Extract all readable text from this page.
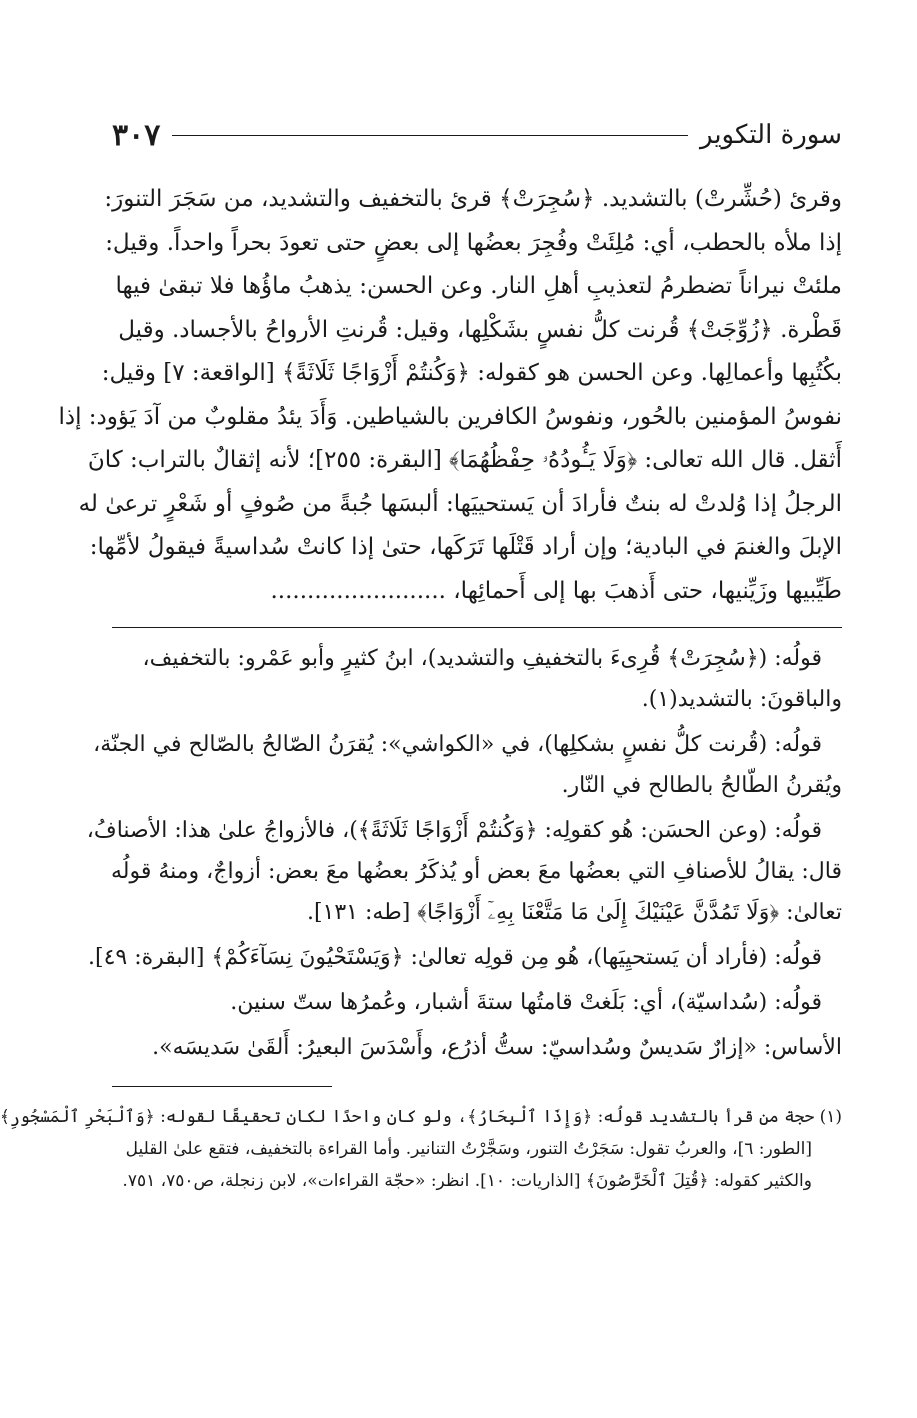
سورة التكوير
٣٠٧
وقرئ (حُشِّرتْ) بالتشديد. ﴿سُجِرَتْ﴾ قرئ بالتخفيف والتشديد، من سَجَرَ التنورَ:
إذا ملأه بالحطب، أي: مُلِئَتْ وفُجِرَ بعضُها إلى بعضٍ حتى تعودَ بحراً واحداً. وقيل:
ملئتْ نيراناً تضطرمُ لتعذيبِ أهلِ النار. وعن الحسن: يذهبُ ماؤُها فلا تبقىٰ فيها
قَطْرة. ﴿زُوِّجَتْ﴾ قُرنت كلُّ نفسٍ بشَكْلِها، وقيل: قُرنتِ الأرواحُ بالأجساد. وقيل
بكُتُبِها وأعمالِها. وعن الحسن هو كقوله: ﴿وَكُنتُمْ أَزْوَاجًا ثَلَاثَةً﴾ [الواقعة: ٧] وقيل:
نفوسُ المؤمنين بالحُور، ونفوسُ الكافرين بالشياطين. وَأَدَ يئدُ مقلوبٌ من آدَ يَؤود: إذا
أَثقل. قال الله تعالى: ﴿وَلَا يَـُٔودُهُۥ حِفْظُهُمَا﴾ [البقرة: ٢٥٥]؛ لأنه إثقالٌ بالتراب: كانَ
الرجلُ إذا وُلدتْ له بنتٌ فأرادَ أن يَستحييَها: ألبسَها جُبةً من صُوفٍ أو شَعْرٍ ترعىٰ له
الإبلَ والغنمَ في البادية؛ وإن أراد قَتْلَها تَرَكَها، حتىٰ إذا كانتْ سُداسيةً فيقولُ لأمِّها:
طَيِّبيها وزَيِّنيها، حتى أَذهبَ بها إلى أَحمائِها، ........................
قولُه: (﴿سُجِرَتْ﴾ قُرِىءَ بالتخفيفِ والتشديد)، ابنُ كثيرٍ وأبو عَمْرو: بالتخفيف،
والباقونَ: بالتشديد(١).
قولُه: (قُرنت كلُّ نفسٍ بشكلِها)، في «الكواشي»: يُقرَنُ الصّالحُ بالصّالح في الجنّة،
ويُقرنُ الطّالحُ بالطالح في النّار.
قولُه: (وعن الحسَن: هُو كقولِه: ﴿وَكُنتُمْ أَزْوَاجًا ثَلَاثَةً﴾)، فالأزواجُ علىٰ هذا: الأصنافُ،
قال: يقالُ للأصنافِ التي بعضُها معَ بعض أو يُذكَرُ بعضُها معَ بعض: أزواجٌ، ومنهُ قولُه
تعالىٰ: ﴿وَلَا تَمُدَّنَّ عَيْنَيْكَ إِلَىٰ مَا مَتَّعْنَا بِهِۦٓ أَزْوَاجًا﴾ [طه: ١٣١].
قولُه: (فأراد أن يَستحيِيَها)، هُو مِن قولِه تعالىٰ: ﴿وَيَسْتَحْيُونَ نِسَآءَكُمْ﴾ [البقرة: ٤٩].
قولُه: (سُداسيّة)، أي: بَلَغتْ قامتُها ستةَ أشبار، وعُمرُها ستّ سنين.
الأساس: «إزارٌ سَديسٌ وسُداسيّ: ستُّ أذرُع، وأَسْدَسَ البعيرُ: أَلقَىٰ سَديسَه».
(١) حجة من قرأ بالتشديد قولُه: ﴿وَإِذَا ٱلْبِحَارُ﴾، ولو كان واحدًا لكان تحقيقًا لقوله: ﴿وَٱلْبَحْرِ ٱلْمَسْجُورِ﴾
[الطور: ٦]، والعربُ تقول: سَجَرْتُ التنور، وسَجَّرْتُ التنانير. وأما القراءة بالتخفيف، فتقع علىٰ القليل
والكثير كقوله: ﴿قُتِلَ ٱلْخَرَّٰصُونَ﴾ [الذاريات: ١٠]. انظر: «حجّة القراءات»، لابن زنجلة، ص٧٥٠، ٧٥١.
